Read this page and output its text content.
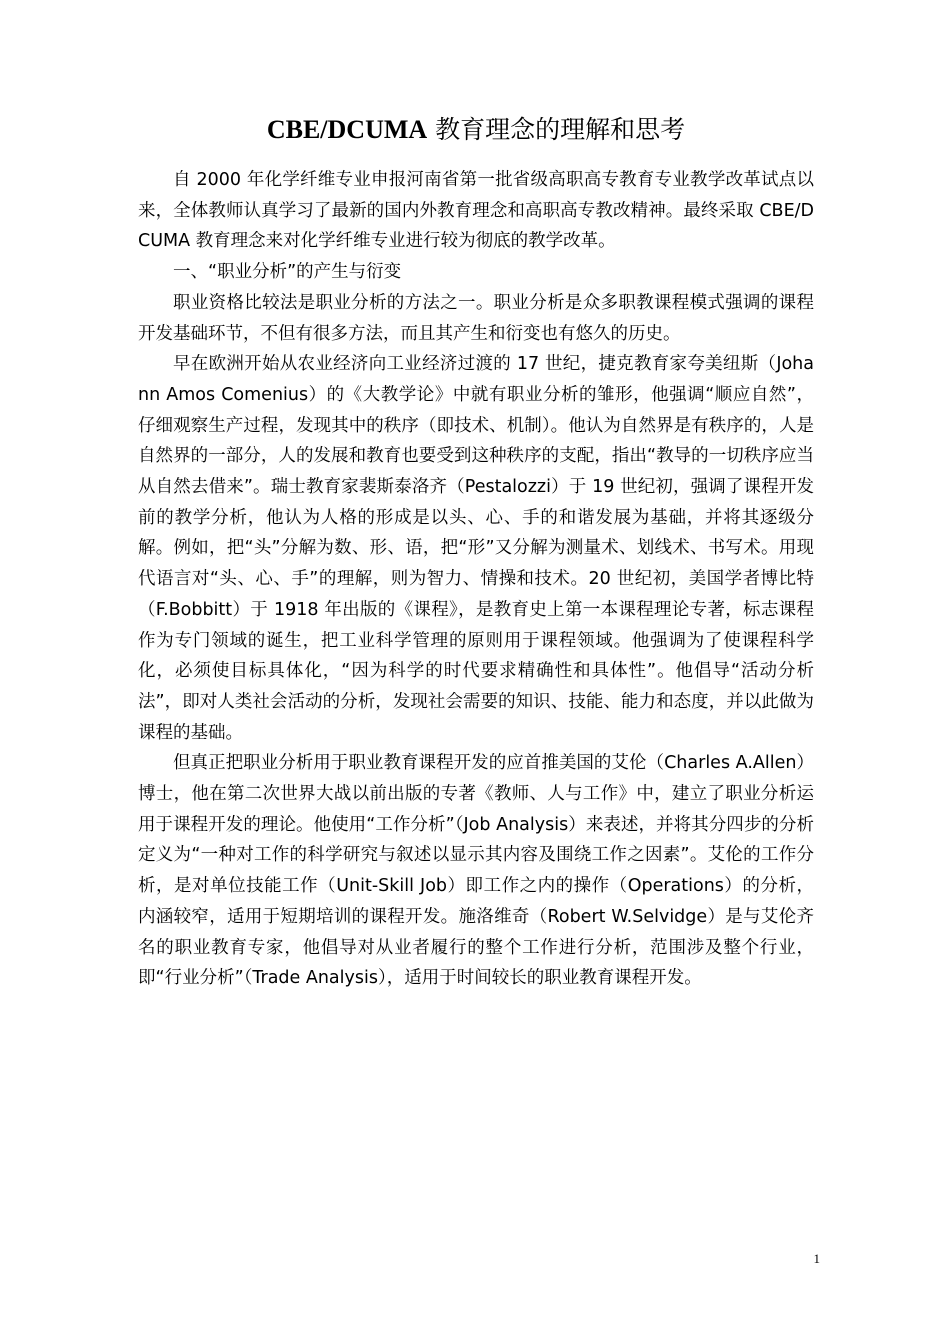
CBE/DCUMA 教育理念的理解和思考

自 2000 年化学纤维专业申报河南省第一批省级高职高专教育专业教学改革试点以来，全体教师认真学习了最新的国内外教育理念和高职高专教改精神。最终采取 CBE/DCUMA 教育理念来对化学纤维专业进行较为彻底的教学改革。

一、“职业分析”的产生与衍变

职业资格比较法是职业分析的方法之一。职业分析是众多职教课程模式强调的课程开发基础环节，不但有很多方法，而且其产生和衍变也有悠久的历史。

早在欧洲开始从农业经济向工业经济过渡的 17 世纪，捷克教育家夸美纽斯（Johann Amos Comenius）的《大教学论》中就有职业分析的雏形，他强调“顺应自然”，仔细观察生产过程，发现其中的秩序（即技术、机制）。他认为自然界是有秩序的，人是自然界的一部分，人的发展和教育也要受到这种秩序的支配，指出“教导的一切秩序应当从自然去借来”。瑞士教育家裴斯泰洛齐（Pestalozzi）于 19 世纪初，强调了课程开发前的教学分析，他认为人格的形成是以头、心、手的和谐发展为基础，并将其逐级分解。例如，把“头”分解为数、形、语，把“形”又分解为测量术、划线术、书写术。用现代语言对“头、心、手”的理解，则为智力、情操和技术。20 世纪初，美国学者博比特（F.Bobbitt）于 1918 年出版的《课程》，是教育史上第一本课程理论专著，标志课程作为专门领域的诞生，把工业科学管理的原则用于课程领域。他强调为了使课程科学化，必须使目标具体化，“因为科学的时代要求精确性和具体性”。他倡导“活动分析法”，即对人类社会活动的分析，发现社会需要的知识、技能、能力和态度，并以此做为课程的基础。

但真正把职业分析用于职业教育课程开发的应首推美国的艾伦（Charles A.Allen）博士，他在第二次世界大战以前出版的专著《教师、人与工作》中，建立了职业分析运用于课程开发的理论。他使用“工作分析”（Job Analysis）来表述，并将其分四步的分析定义为“一种对工作的科学研究与叙述以显示其内容及围绕工作之因素”。艾伦的工作分析，是对单位技能工作（Unit-Skill Job）即工作之内的操作（Operations）的分析，内涵较窄，适用于短期培训的课程开发。施洛维奇（Robert W.Selvidge）是与艾伦齐名的职业教育专家，他倡导对从业者履行的整个工作进行分析，范围涉及整个行业，即“行业分析”（Trade Analysis），适用于时间较长的职业教育课程开发。

1
